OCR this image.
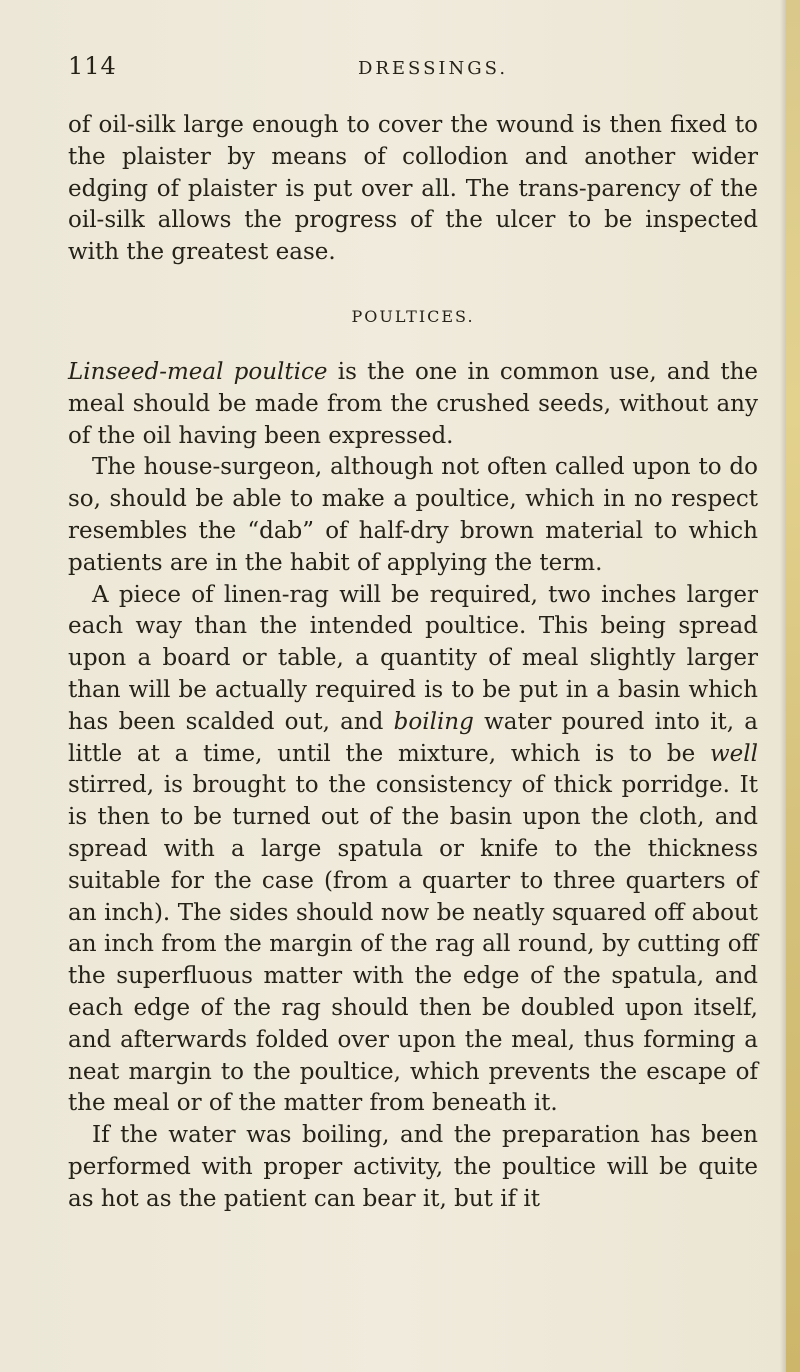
114	DRESSINGS.

of oil-silk large enough to cover the wound is then fixed to the plaister by means of collodion and another wider edging of plaister is put over all. The trans-parency of the oil-silk allows the progress of the ulcer to be inspected with the greatest ease.

POULTICES.

Linseed-meal poultice is the one in common use, and the meal should be made from the crushed seeds, without any of the oil having been expressed.

The house-surgeon, although not often called upon to do so, should be able to make a poultice, which in no respect resembles the “dab” of half-dry brown material to which patients are in the habit of applying the term.

A piece of linen-rag will be required, two inches larger each way than the intended poultice. This being spread upon a board or table, a quantity of meal slightly larger than will be actually required is to be put in a basin which has been scalded out, and boiling water poured into it, a little at a time, until the mixture, which is to be well stirred, is brought to the consistency of thick porridge. It is then to be turned out of the basin upon the cloth, and spread with a large spatula or knife to the thickness suitable for the case (from a quarter to three quarters of an inch). The sides should now be neatly squared off about an inch from the margin of the rag all round, by cutting off the superfluous matter with the edge of the spatula, and each edge of the rag should then be doubled upon itself, and afterwards folded over upon the meal, thus forming a neat margin to the poultice, which prevents the escape of the meal or of the matter from beneath it.

If the water was boiling, and the preparation has been performed with proper activity, the poultice will be quite as hot as the patient can bear it, but if it
